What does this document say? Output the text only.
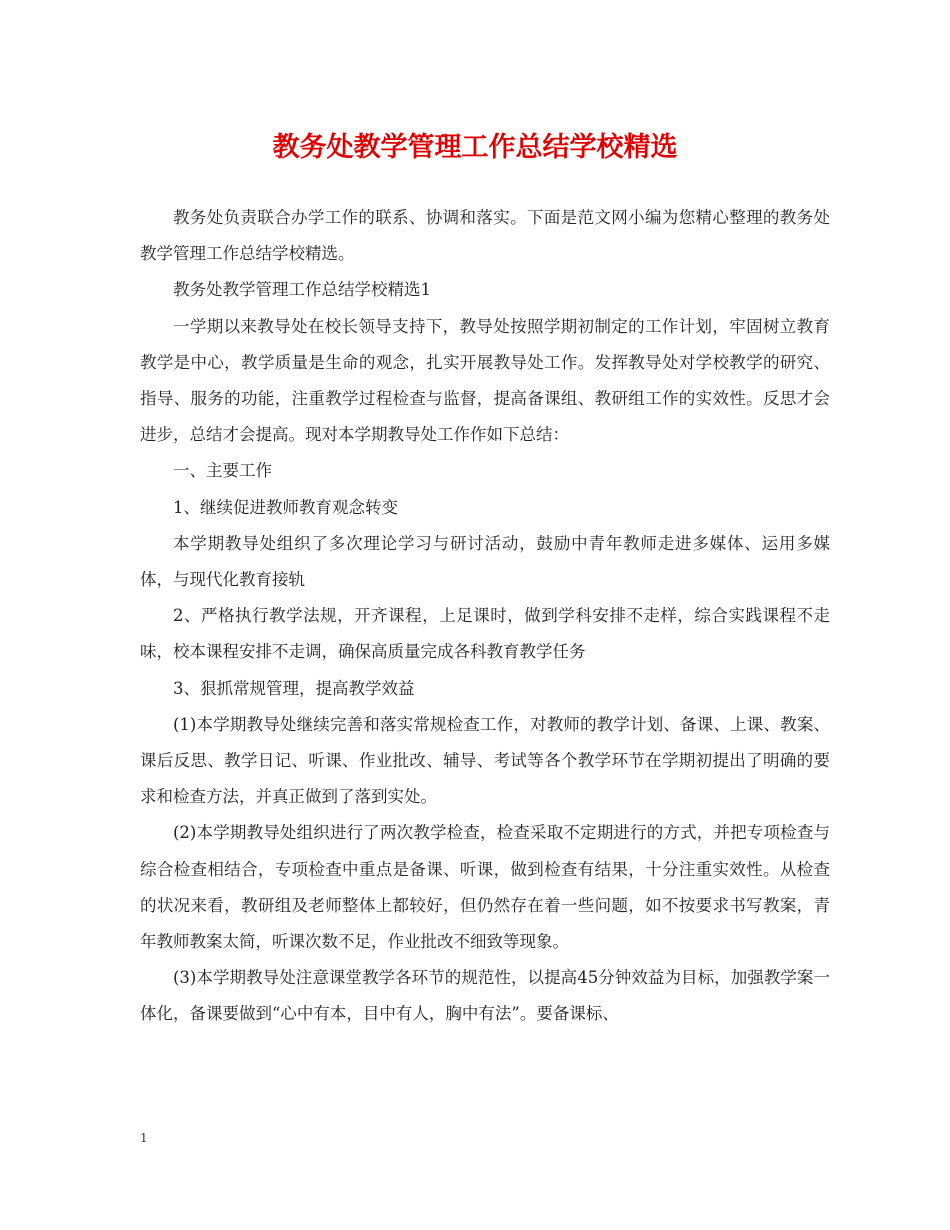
教务处教学管理工作总结学校精选

教务处负责联合办学工作的联系、协调和落实。下面是范文网小编为您精心整理的教务处教学管理工作总结学校精选。

教务处教学管理工作总结学校精选1

一学期以来教导处在校长领导支持下，教导处按照学期初制定的工作计划，牢固树立教育教学是中心，教学质量是生命的观念，扎实开展教导处工作。发挥教导处对学校教学的研究、指导、服务的功能，注重教学过程检查与监督，提高备课组、教研组工作的实效性。反思才会进步，总结才会提高。现对本学期教导处工作作如下总结：

一、主要工作

1、继续促进教师教育观念转变

本学期教导处组织了多次理论学习与研讨活动，鼓励中青年教师走进多媒体、运用多媒体，与现代化教育接轨

2、严格执行教学法规，开齐课程，上足课时，做到学科安排不走样，综合实践课程不走味，校本课程安排不走调，确保高质量完成各科教育教学任务

3、狠抓常规管理，提高教学效益

(1)本学期教导处继续完善和落实常规检查工作，对教师的教学计划、备课、上课、教案、课后反思、教学日记、听课、作业批改、辅导、考试等各个教学环节在学期初提出了明确的要求和检查方法，并真正做到了落到实处。

(2)本学期教导处组织进行了两次教学检查，检查采取不定期进行的方式，并把专项检查与综合检查相结合，专项检查中重点是备课、听课，做到检查有结果，十分注重实效性。从检查的状况来看，教研组及老师整体上都较好，但仍然存在着一些问题，如不按要求书写教案，青年教师教案太简，听课次数不足，作业批改不细致等现象。

(3)本学期教导处注意课堂教学各环节的规范性，以提高45分钟效益为目标，加强教学案一体化，备课要做到“心中有本，目中有人，胸中有法”。要备课标、

1
